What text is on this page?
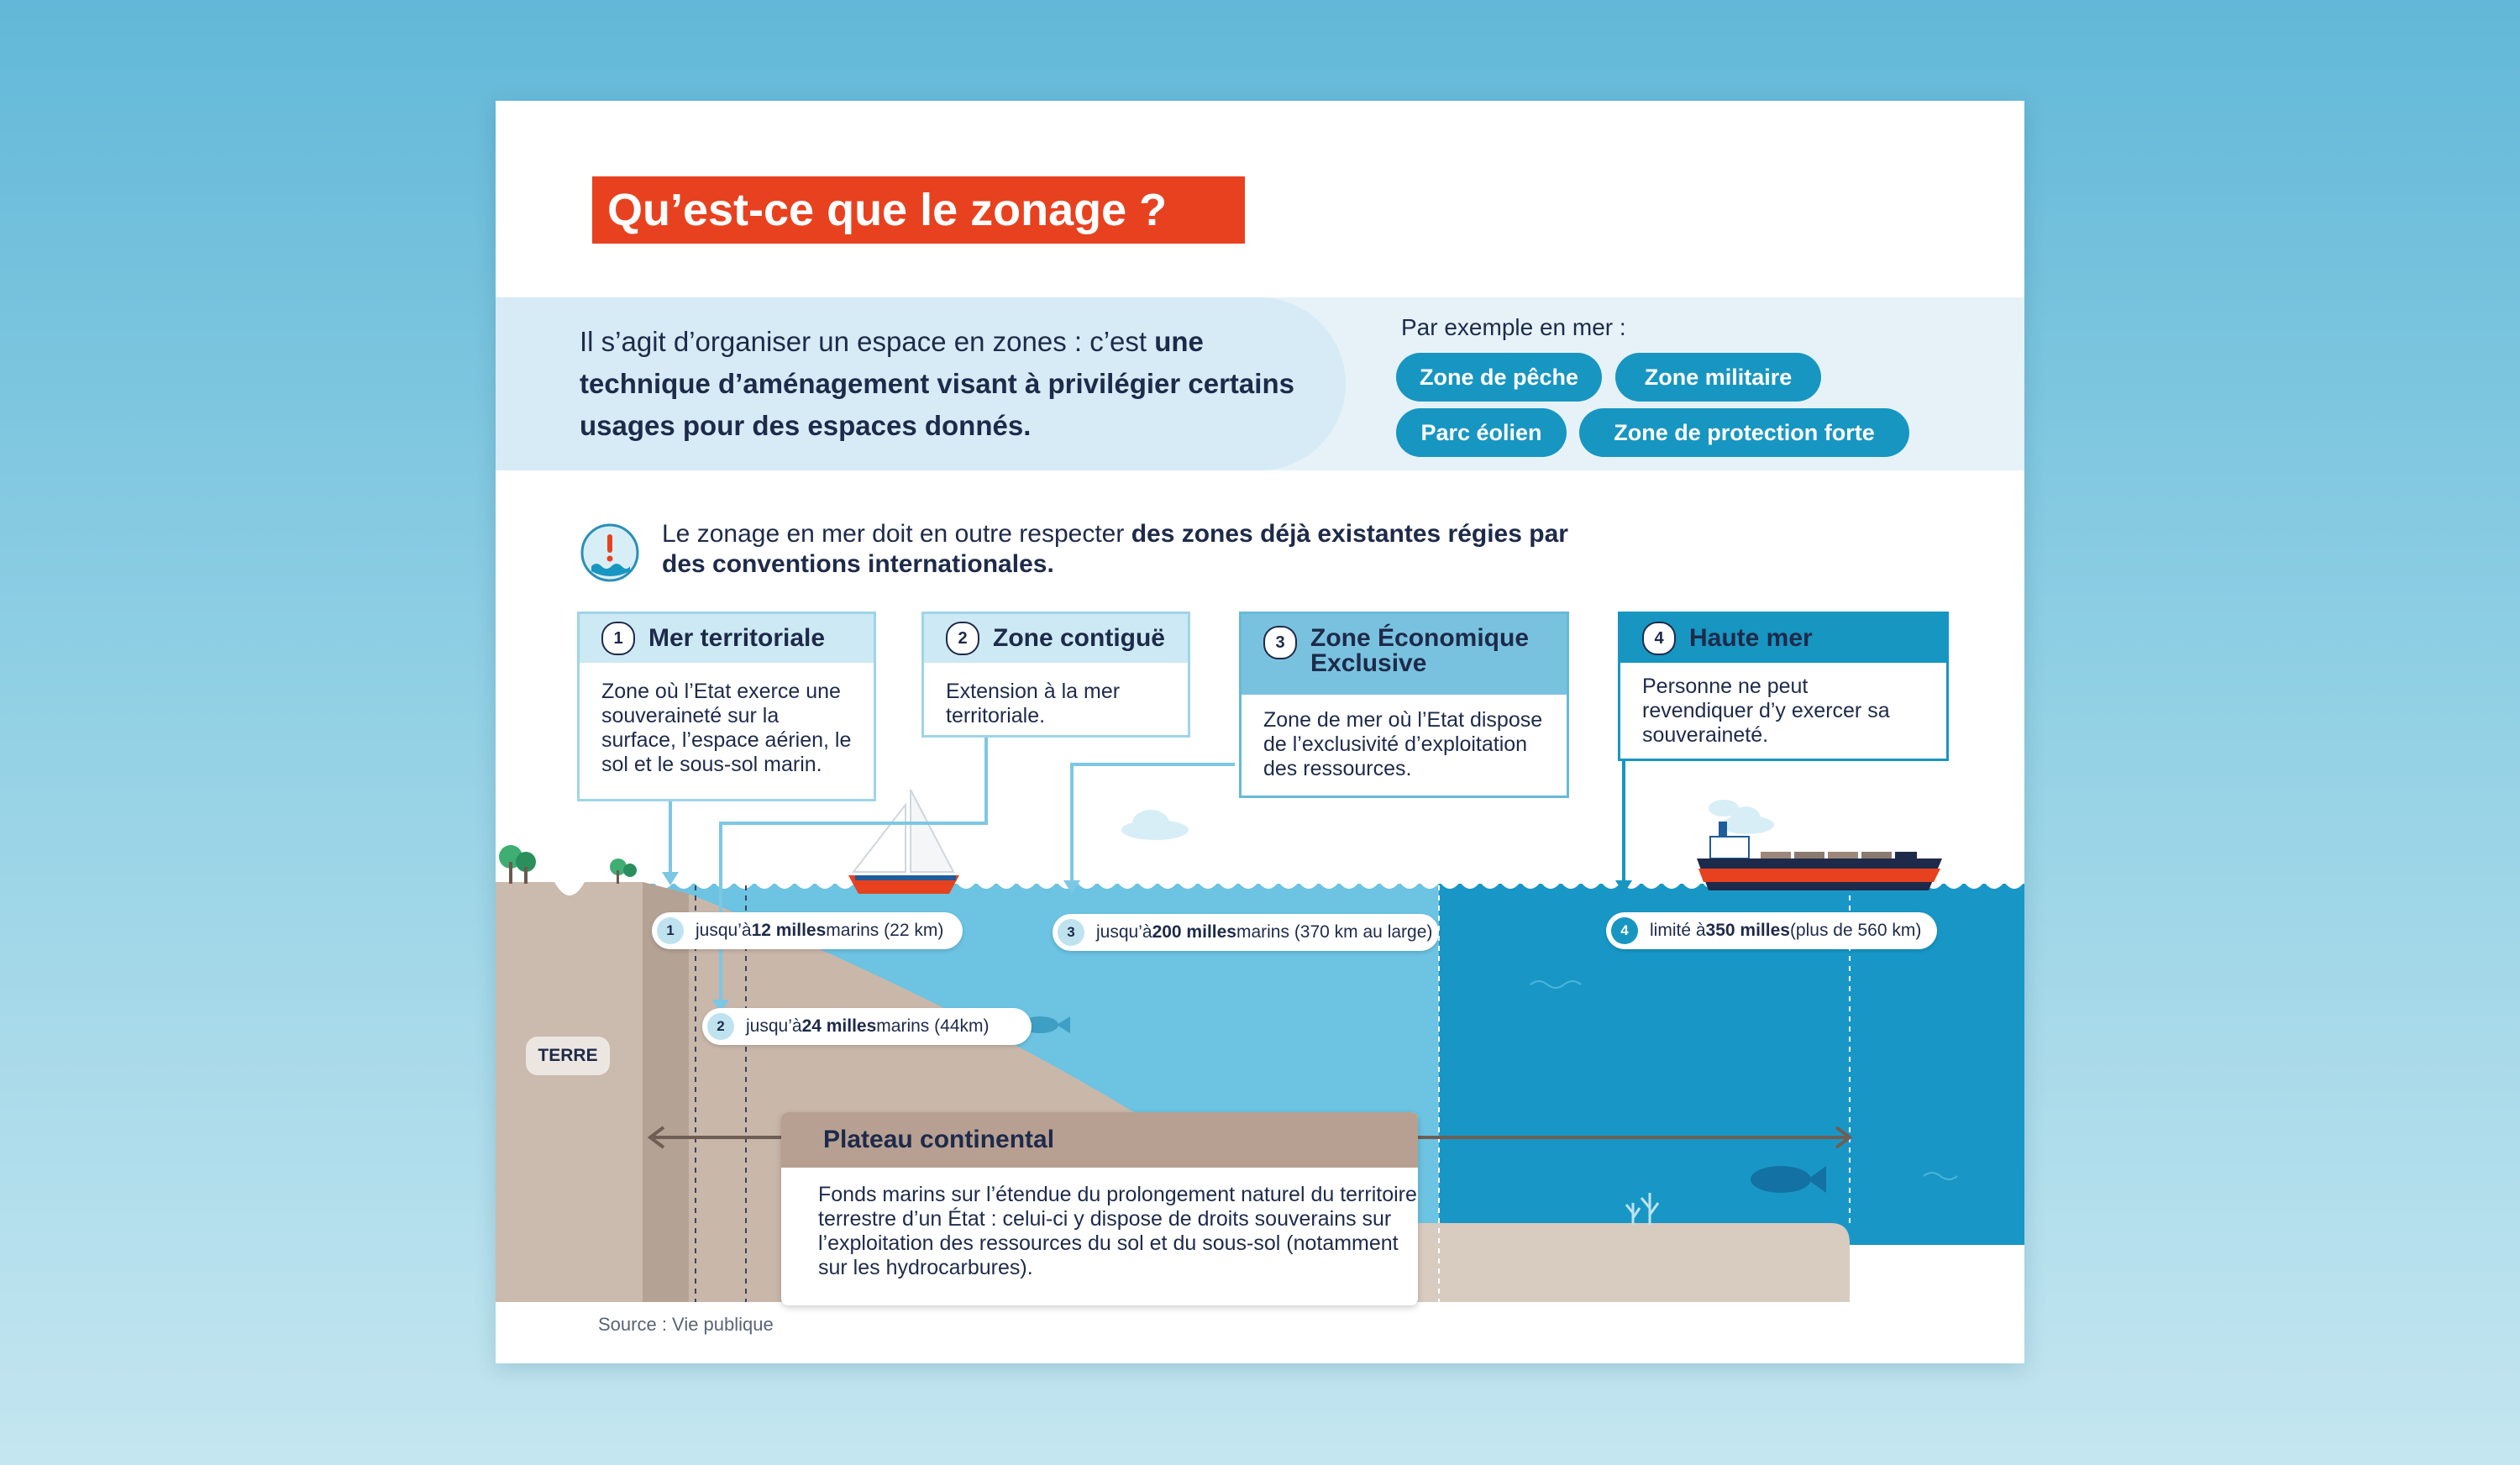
Qu’est-ce que le zonage ?
Il s’agit d’organiser un espace en zones : c’est une technique d’aménagement visant à privilégier certains usages pour des espaces donnés.
Par exemple en mer :
Zone de pêche	Zone militaire
Parc éolien	Zone de protection forte
Le zonage en mer doit en outre respecter des zones déjà existantes régies par des conventions internationales.
1	Mer territoriale
Zone où l’Etat exerce une souveraineté sur la surface, l’espace aérien, le sol et le sous-sol marin.
2	Zone contiguë
Extension à la mer territoriale.
3	Zone Économique Exclusive
Zone de mer où l’Etat dispose de l’exclusivité d’exploitation des ressources.
4	Haute mer
Personne ne peut revendiquer d’y exercer sa souveraineté.
1	jusqu’à 12 milles marins (22 km)
2	jusqu’à 24 milles marins (44km)
3	jusqu’à 200 milles marins (370 km au large)	4	limité à 350 milles (plus de 560 km)
TERRE
Plateau continental
Fonds marins sur l’étendue du prolongement naturel du territoire terrestre d’un État : celui-ci y dispose de droits souverains sur l’exploitation des ressources du sol et du sous-sol (notamment sur les hydrocarbures).
Source : Vie publique
